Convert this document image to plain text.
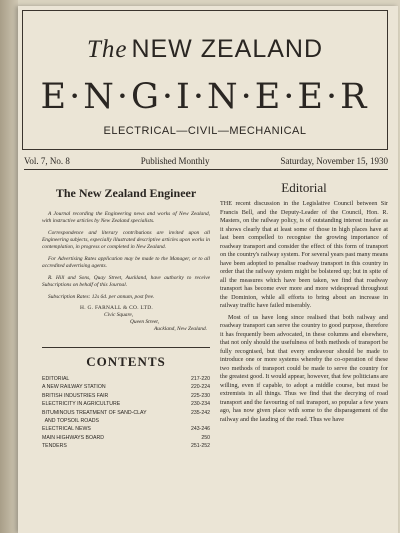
The NEW ZEALAND
E·N·G·I·N·E·E·R
ELECTRICAL—CIVIL—MECHANICAL
Vol. 7, No. 8	Published Monthly	Saturday, November 15, 1930
The New Zealand Engineer

A Journal recording the Engineering news and works of New Zealand, with instructive articles by New Zealand specialists.

Correspondence and literary contributions are invited upon all Engineering subjects, especially illustrated descriptive articles upon works in contemplation, in progress or completed in New Zealand.

For Advertising Rates application may be made to the Manager, or to all accredited advertising agents.

R. Hill and Sons, Quay Street, Auckland, have authority to receive Subscriptions on behalf of this Journal.

Subscription Rates: 12s 6d. per annum, post free.

H. G. FARNALL & CO. LTD.
Civic Square,
Queen Street,
Auckland, New Zealand.
CONTENTS
EDITORIAL	217-220
A NEW RAILWAY STATION	220-224
BRITISH INDUSTRIES FAIR	225-230
ELECTRICITY IN AGRICULTURE	230-234
BITUMINOUS TREATMENT OF SAND-CLAY
AND TOPSOIL ROADS
235-242
ELECTRICAL NEWS	243-246
MAIN HIGHWAYS BOARD	250
TENDERS	251-252
Editorial

THE recent discussion in the Legislative Council between Sir Francis Bell, and the Deputy-Leader of the Council, Hon. R. Masters, on the railway policy, is of outstanding interest insofar as it shows clearly that at least some of those in high places have at last been compelled to recognise the growing importance of roadway transport and consider the effect of this form of transport on the country's railway system. For several years past many means have been adopted to penalise roadway transport in this country in order that the railway system might be bolstered up; but in spite of all the measures which have been taken, we find that roadway transport has become ever more and more widespread throughout the Dominion, while all efforts to bring about an increase in railway traffic have failed miserably.

Most of us have long since realised that both railway and roadway transport can serve the country to good purpose, therefore it has frequently been advocated, in these columns and elsewhere, that not only should the usefulness of both methods of transport be fully recognised, but that every endeavour should be made to introduce one or more systems whereby the co-operation of these two methods of transport could be made to serve the country for the greatest good. It would appear, however, that few politicians are willing, even if capable, to adopt a middle course, but must be extremists in all things. Thus we find that the decrying of road transport and the favouring of rail transport, so popular a few years ago, has now given place with some to the disparagement of the railway and the lauding of the road. Thus we have
